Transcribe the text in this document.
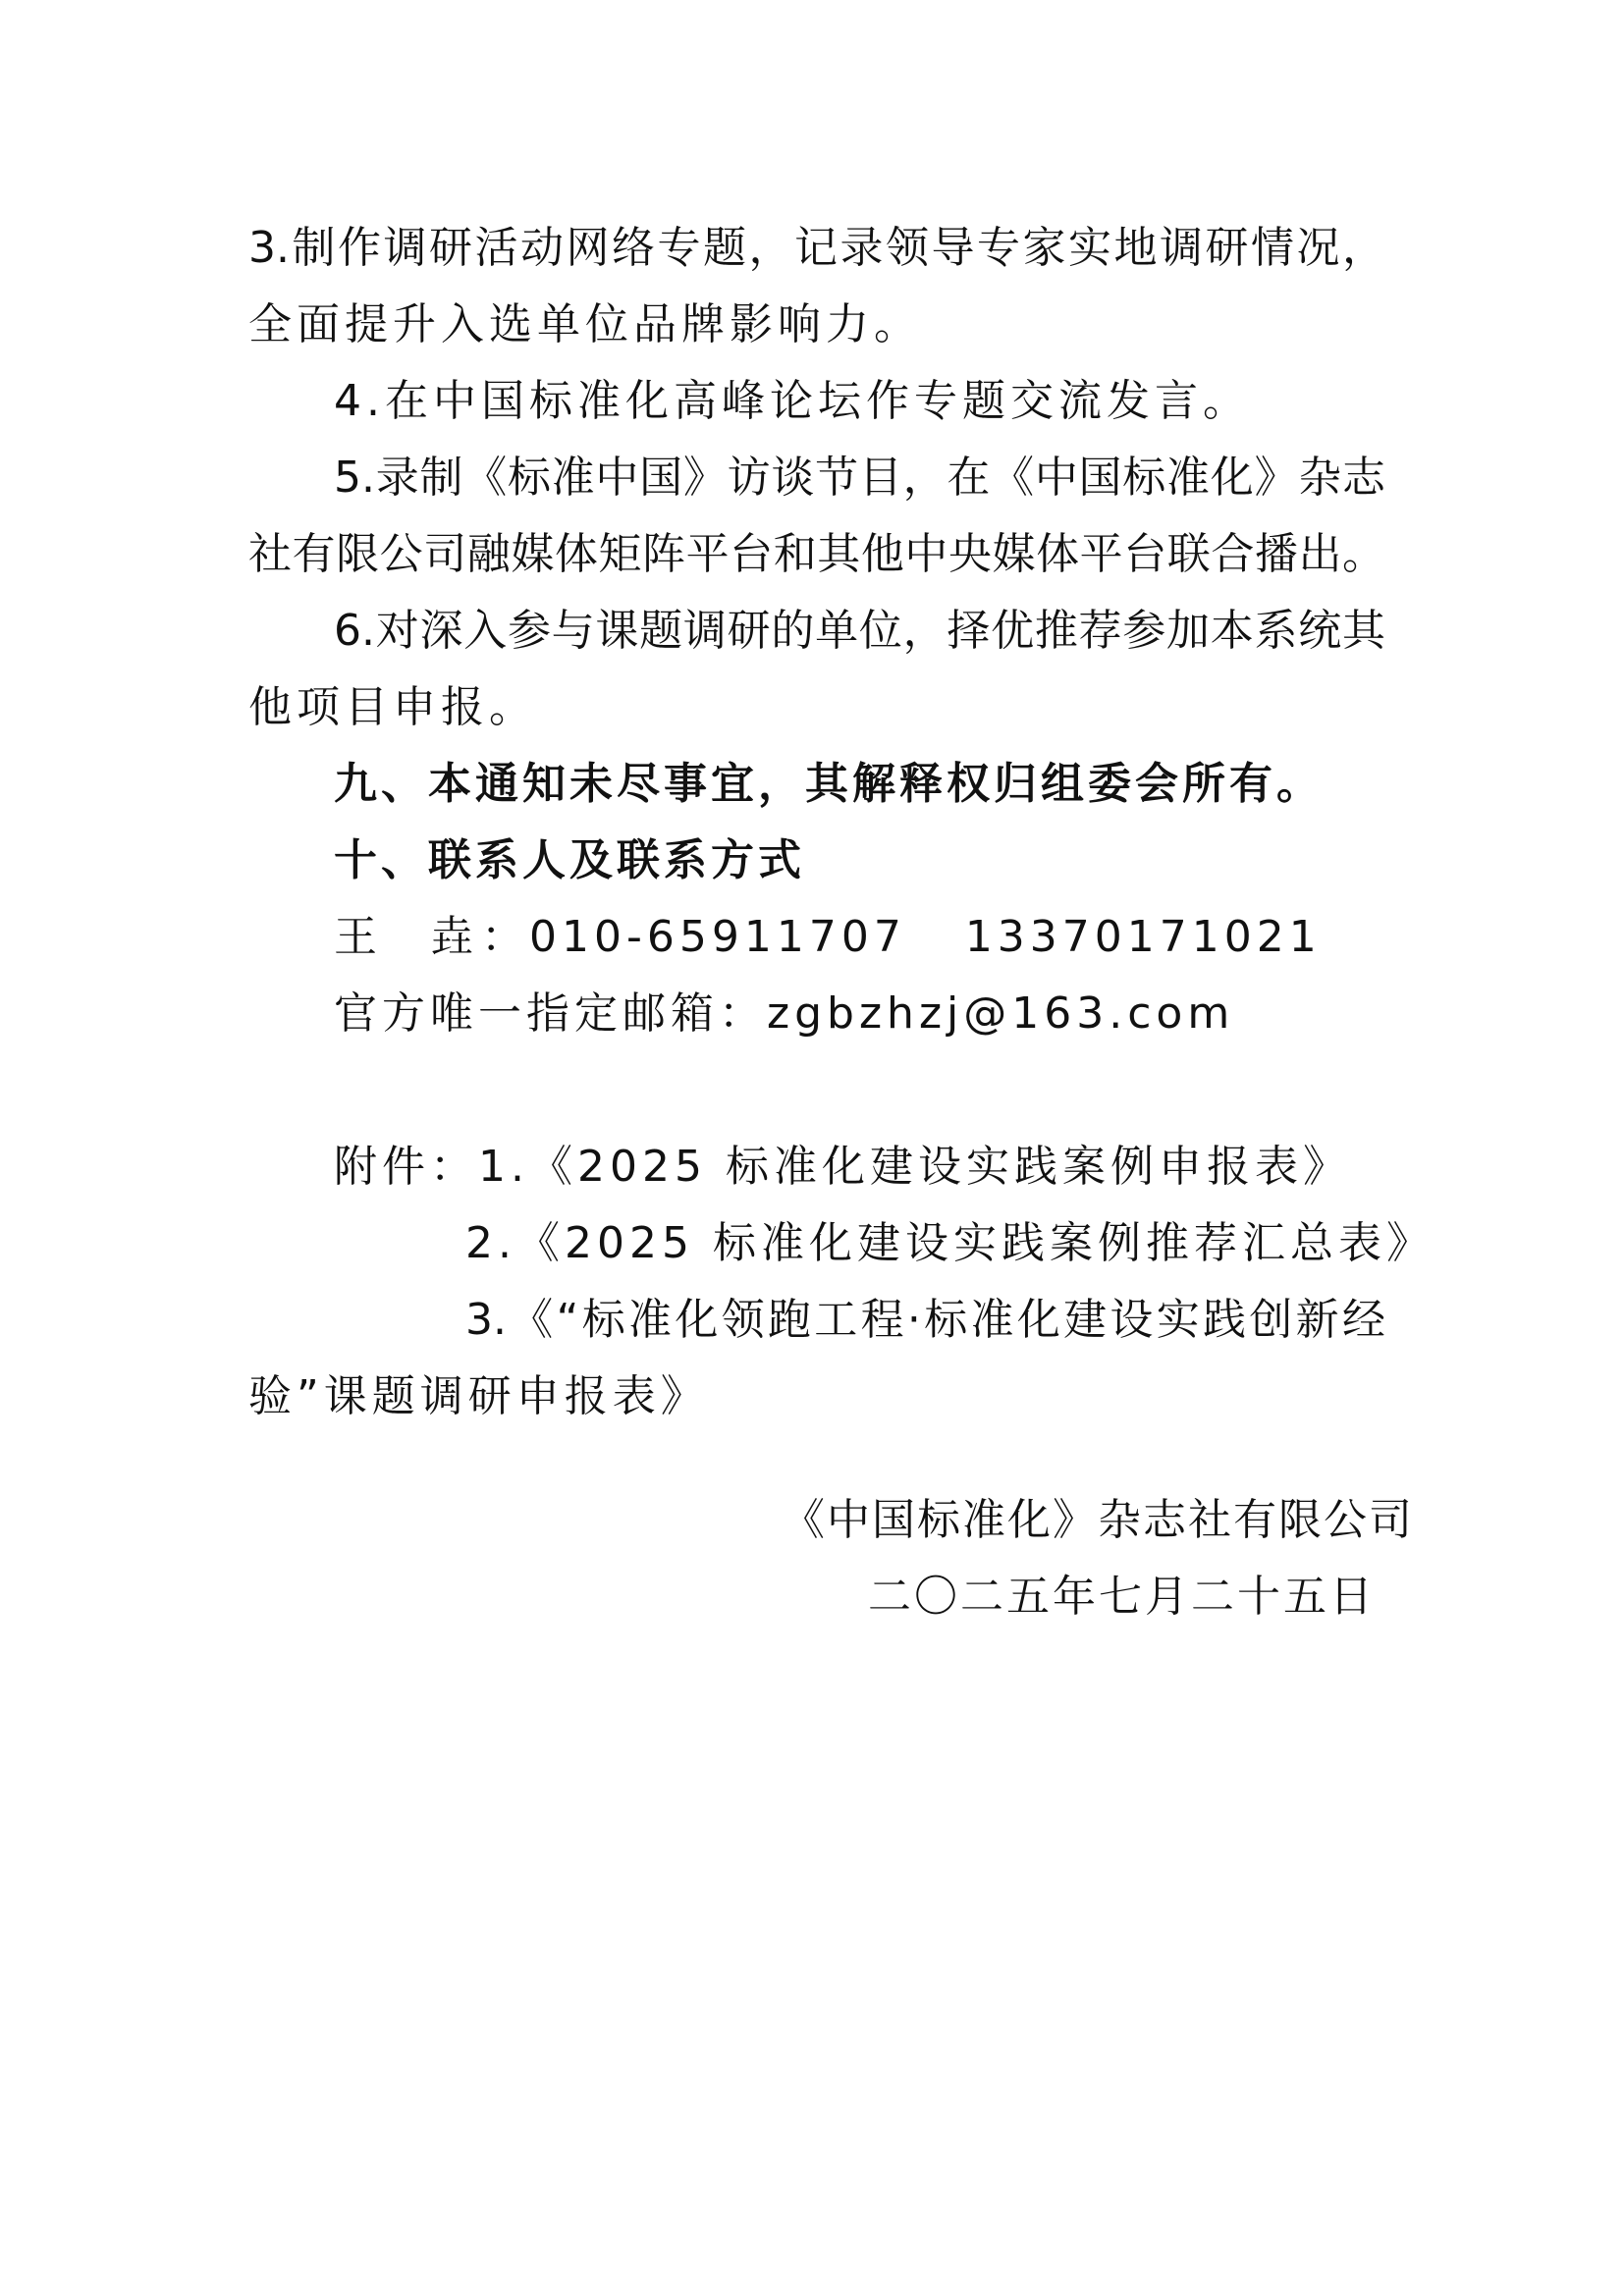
3.制作调研活动网络专题，记录领导专家实地调研情况，
全面提升入选单位品牌影响力。
4.在中国标准化高峰论坛作专题交流发言。
5.录制《标准中国》访谈节目，在《中国标准化》杂志
社有限公司融媒体矩阵平台和其他中央媒体平台联合播出。
6.对深入参与课题调研的单位，择优推荐参加本系统其
他项目申报。
九、本通知未尽事宜，其解释权归组委会所有。
十、联系人及联系方式
王　垚：010-65911707 13370171021
官方唯一指定邮箱：zgbzhzj@163.com
附件：1.《2025 标准化建设实践案例申报表》
2.《2025 标准化建设实践案例推荐汇总表》
3.《“标准化领跑工程·标准化建设实践创新经
验”课题调研申报表》
《中国标准化》杂志社有限公司
二〇二五年七月二十五日
